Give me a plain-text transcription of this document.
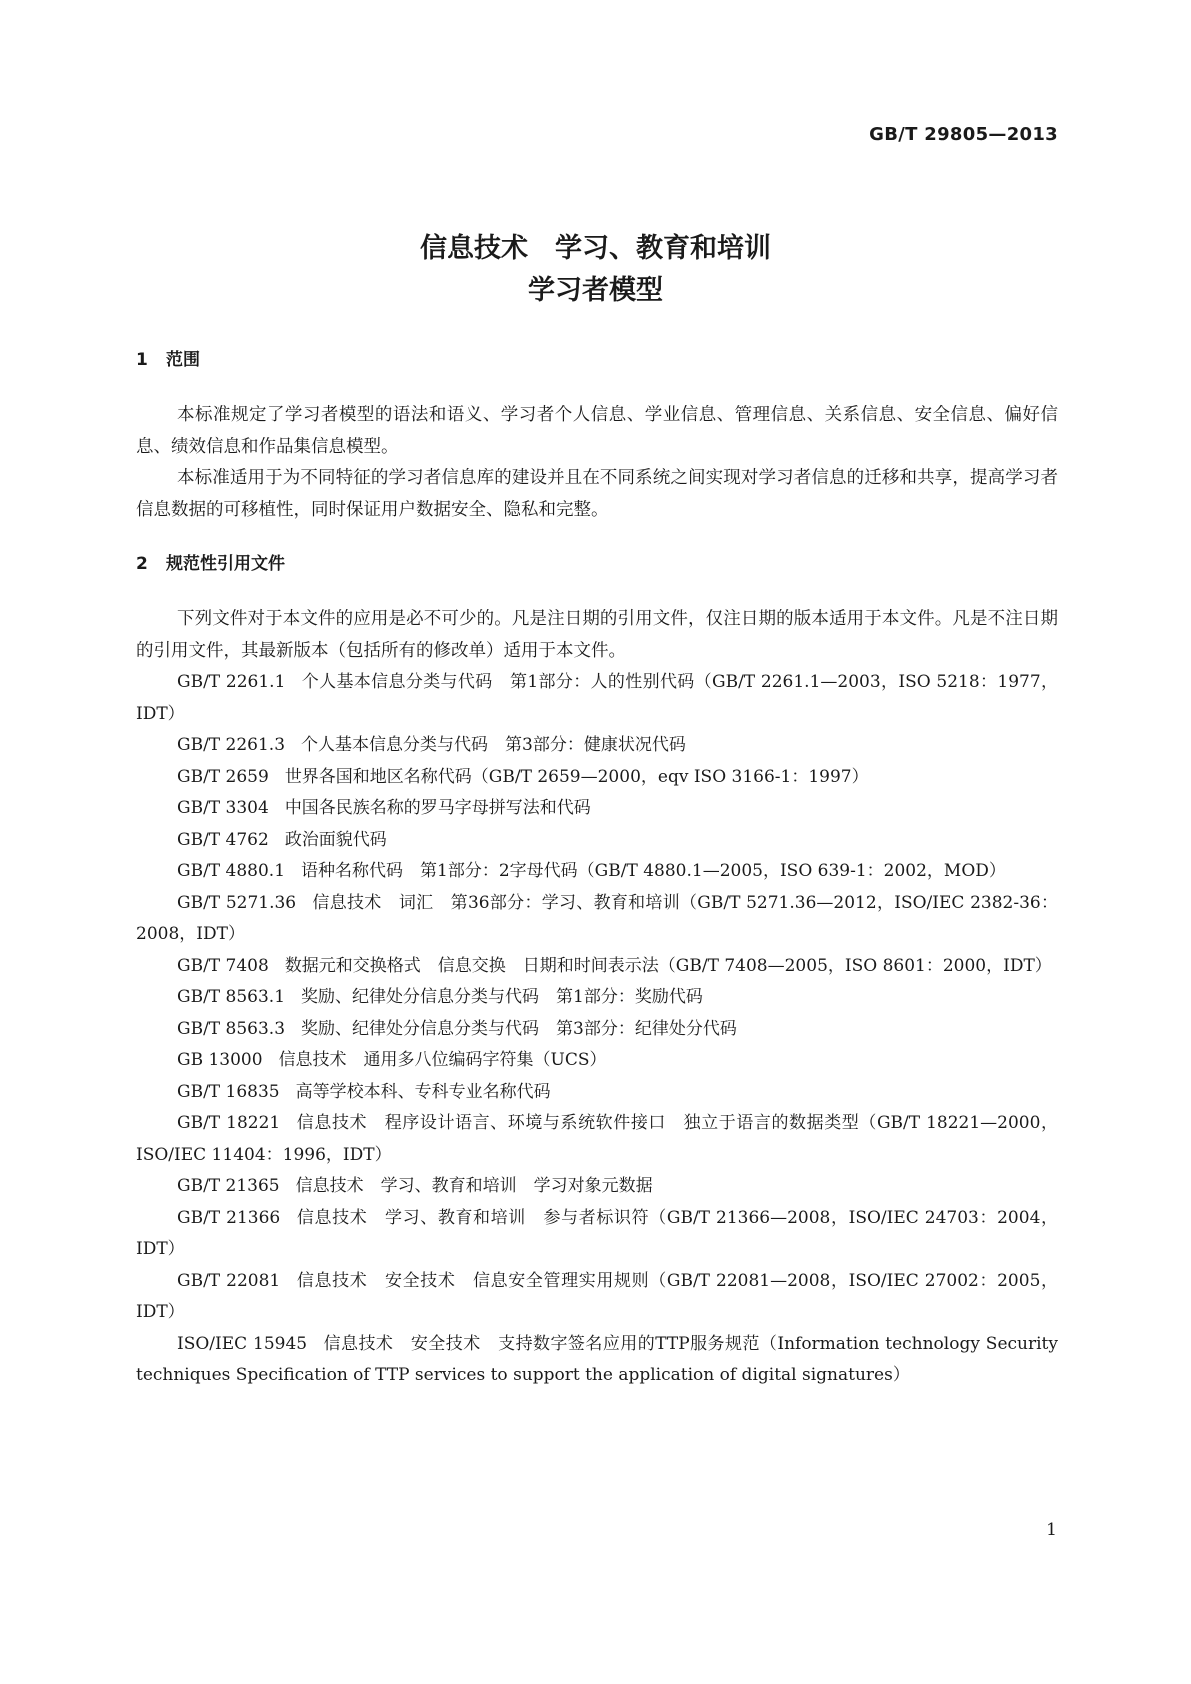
GB/T 29805—2013
信息技术　学习、教育和培训
学习者模型
1 范围

本标准规定了学习者模型的语法和语义、学习者个人信息、学业信息、管理信息、关系信息、安全信息、偏好信息、绩效信息和作品集信息模型。

本标准适用于为不同特征的学习者信息库的建设并且在不同系统之间实现对学习者信息的迁移和共享，提高学习者信息数据的可移植性，同时保证用户数据安全、隐私和完整。

2 规范性引用文件

下列文件对于本文件的应用是必不可少的。凡是注日期的引用文件，仅注日期的版本适用于本文件。凡是不注日期的引用文件，其最新版本（包括所有的修改单）适用于本文件。

GB/T 2261.1 个人基本信息分类与代码　第1部分：人的性别代码（GB/T 2261.1—2003，ISO 5218：1977，IDT）

GB/T 2261.3 个人基本信息分类与代码　第3部分：健康状况代码

GB/T 2659 世界各国和地区名称代码（GB/T 2659—2000，eqv ISO 3166-1：1997）

GB/T 3304 中国各民族名称的罗马字母拼写法和代码

GB/T 4762 政治面貌代码

GB/T 4880.1 语种名称代码　第1部分：2字母代码（GB/T 4880.1—2005，ISO 639-1：2002，MOD）

GB/T 5271.36 信息技术　词汇　第36部分：学习、教育和培训（GB/T 5271.36—2012，ISO/IEC 2382-36：2008，IDT）

GB/T 7408 数据元和交换格式　信息交换　日期和时间表示法（GB/T 7408—2005，ISO 8601：2000，IDT）

GB/T 8563.1 奖励、纪律处分信息分类与代码　第1部分：奖励代码

GB/T 8563.3 奖励、纪律处分信息分类与代码　第3部分：纪律处分代码

GB 13000 信息技术　通用多八位编码字符集（UCS）

GB/T 16835 高等学校本科、专科专业名称代码

GB/T 18221 信息技术　程序设计语言、环境与系统软件接口　独立于语言的数据类型（GB/T 18221—2000，ISO/IEC 11404：1996，IDT）

GB/T 21365 信息技术　学习、教育和培训　学习对象元数据

GB/T 21366 信息技术　学习、教育和培训　参与者标识符（GB/T 21366—2008，ISO/IEC 24703：2004，IDT）

GB/T 22081 信息技术　安全技术　信息安全管理实用规则（GB/T 22081—2008，ISO/IEC 27002：2005，IDT）

ISO/IEC 15945 信息技术　安全技术　支持数字签名应用的TTP服务规范（Information technology Security techniques Specification of TTP services to support the application of digital signatures）

1
